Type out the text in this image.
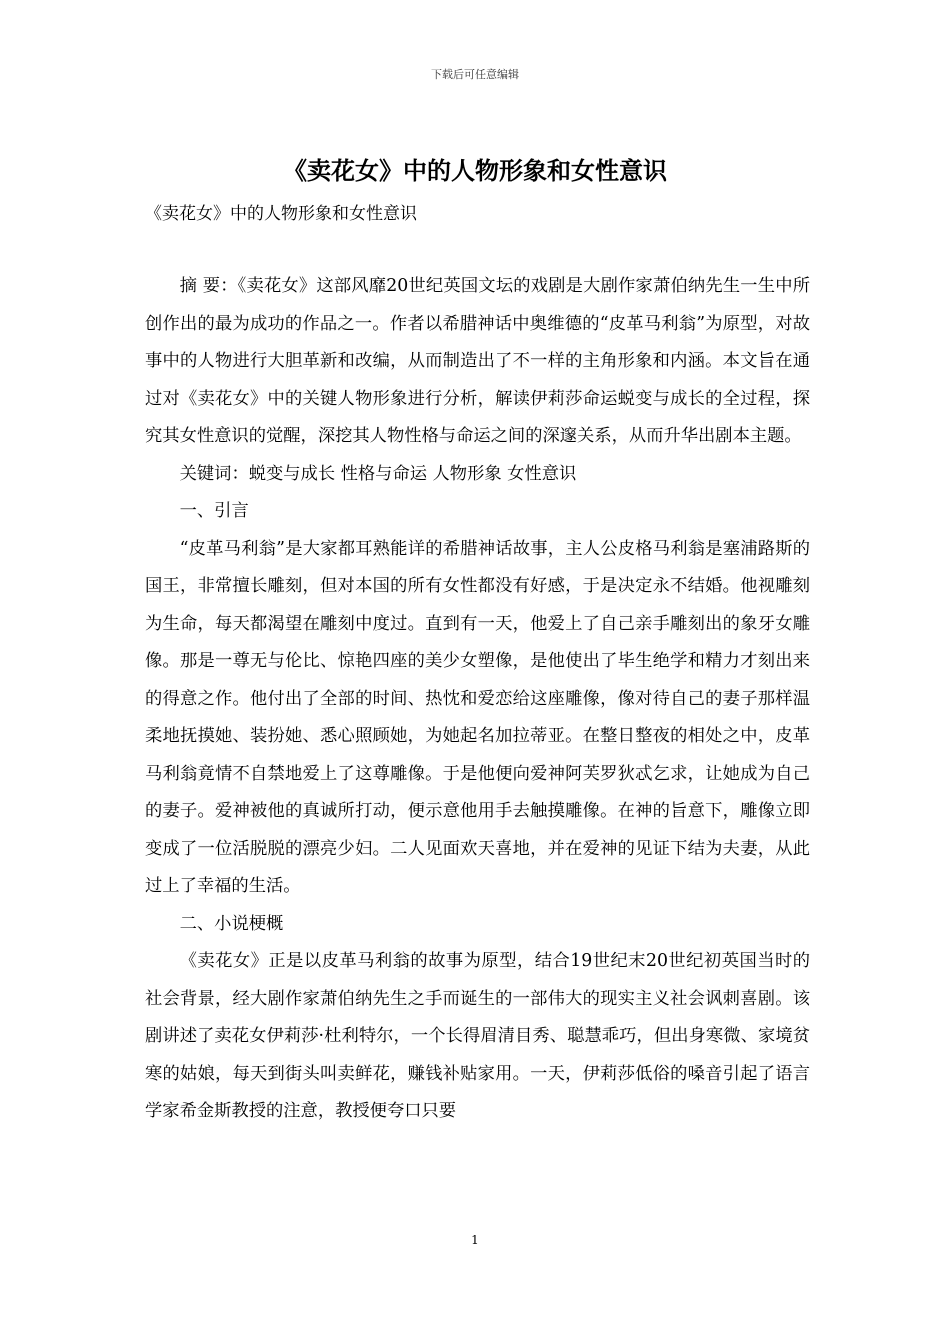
下载后可任意编辑
《卖花女》中的人物形象和女性意识
《卖花女》中的人物形象和女性意识

摘 要：《卖花女》这部风靡20世纪英国文坛的戏剧是大剧作家萧伯纳先生一生中所创作出的最为成功的作品之一。作者以希腊神话中奥维德的“皮革马利翁”为原型，对故事中的人物进行大胆革新和改编，从而制造出了不一样的主角形象和内涵。本文旨在通过对《卖花女》中的关键人物形象进行分析，解读伊莉莎命运蜕变与成长的全过程，探究其女性意识的觉醒，深挖其人物性格与命运之间的深邃关系，从而升华出剧本主题。

关键词：蜕变与成长 性格与命运 人物形象 女性意识

一、引言

“皮革马利翁”是大家都耳熟能详的希腊神话故事，主人公皮格马利翁是塞浦路斯的国王，非常擅长雕刻，但对本国的所有女性都没有好感，于是决定永不结婚。他视雕刻为生命，每天都渴望在雕刻中度过。直到有一天，他爱上了自己亲手雕刻出的象牙女雕像。那是一尊无与伦比、惊艳四座的美少女塑像，是他使出了毕生绝学和精力才刻出来的得意之作。他付出了全部的时间、热忱和爱恋给这座雕像，像对待自己的妻子那样温柔地抚摸她、装扮她、悉心照顾她，为她起名加拉蒂亚。在整日整夜的相处之中，皮革马利翁竟情不自禁地爱上了这尊雕像。于是他便向爱神阿芙罗狄忒乞求，让她成为自己的妻子。爱神被他的真诚所打动，便示意他用手去触摸雕像。在神的旨意下，雕像立即变成了一位活脱脱的漂亮少妇。二人见面欢天喜地，并在爱神的见证下结为夫妻，从此过上了幸福的生活。

二、小说梗概

《卖花女》正是以皮革马利翁的故事为原型，结合19世纪末20世纪初英国当时的社会背景，经大剧作家萧伯纳先生之手而诞生的一部伟大的现实主义社会讽刺喜剧。该剧讲述了卖花女伊莉莎·杜利特尔，一个长得眉清目秀、聪慧乖巧，但出身寒微、家境贫寒的姑娘，每天到街头叫卖鲜花，赚钱补贴家用。一天，伊莉莎低俗的嗓音引起了语言学家希金斯教授的注意，教授便夸口只要

1
